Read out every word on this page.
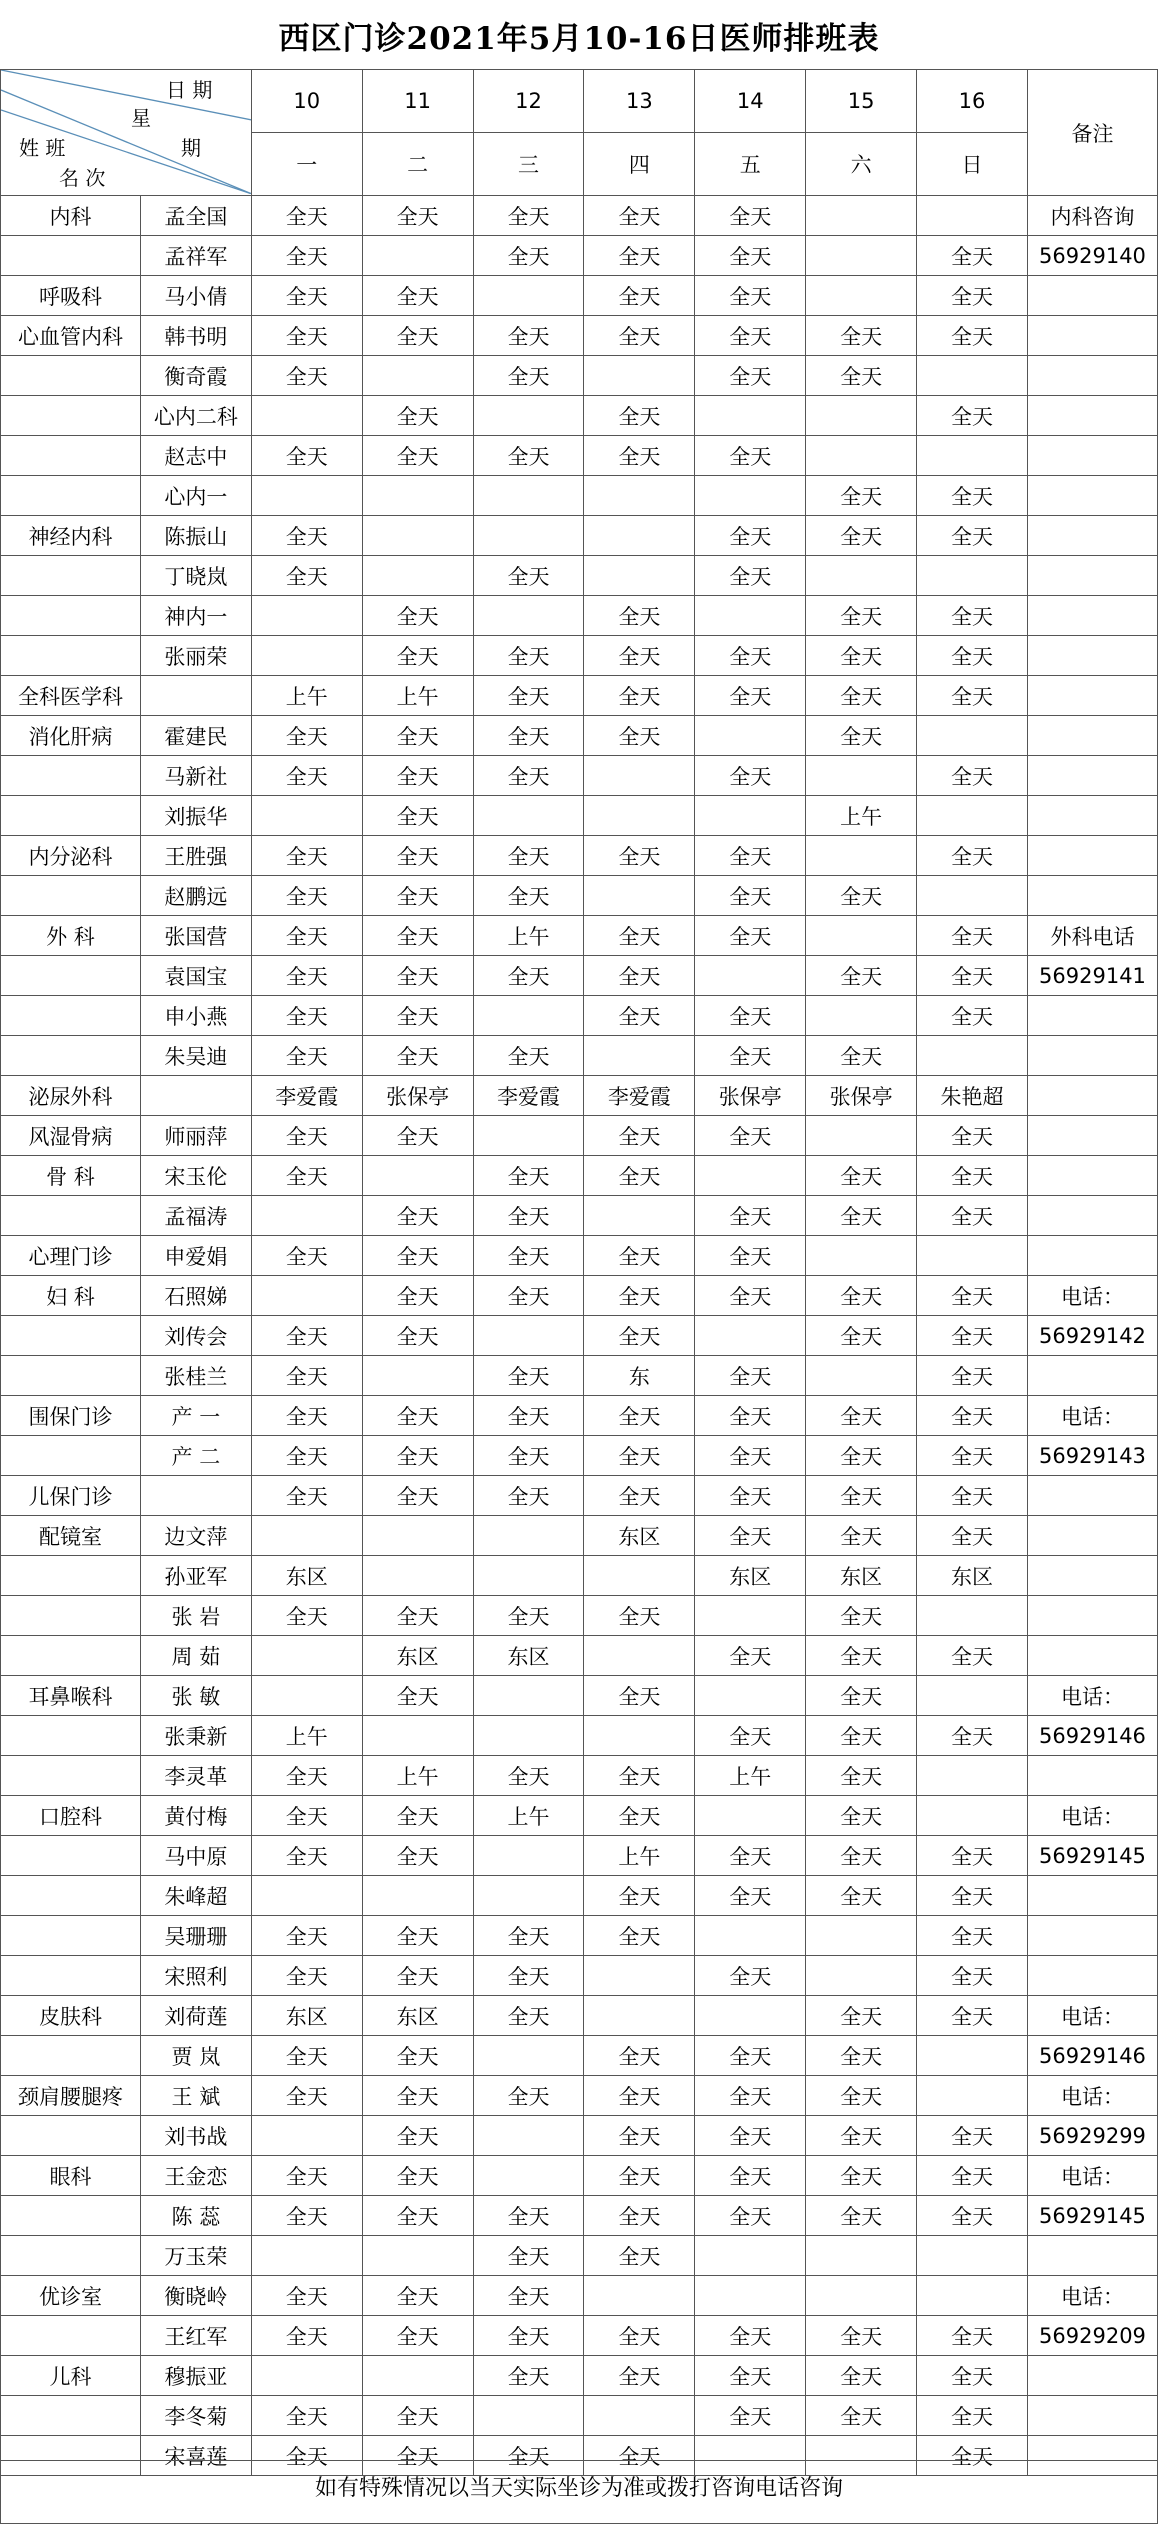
西区门诊2021年5月10-16日医师排班表
日 期
星
期
姓 班
名 次		10	11	12	13	14	15	16	备注
		一	二	三	四	五	六	日	
内科	孟全国	全天	全天	全天	全天	全天			内科咨询
	孟祥军	全天		全天	全天	全天		全天	56929140
呼吸科	马小倩	全天	全天		全天	全天		全天	
心血管内科	韩书明	全天	全天	全天	全天	全天	全天	全天	
	衡奇霞	全天		全天		全天	全天		
	心内二科		全天		全天			全天	
	赵志中	全天	全天	全天	全天	全天			
	心内一						全天	全天	
神经内科	陈振山	全天				全天	全天	全天	
	丁晓岚	全天		全天		全天			
	神内一		全天		全天		全天	全天	
	张丽荣		全天	全天	全天	全天	全天	全天	
全科医学科		上午	上午	全天	全天	全天	全天	全天	
消化肝病	霍建民	全天	全天	全天	全天		全天		
	马新社	全天	全天	全天		全天		全天	
	刘振华		全天				上午		
内分泌科	王胜强	全天	全天	全天	全天	全天		全天	
	赵鹏远	全天	全天	全天		全天	全天		
外 科	张国营	全天	全天	上午	全天	全天		全天	外科电话
	袁国宝	全天	全天	全天	全天		全天	全天	56929141
	申小燕	全天	全天		全天	全天		全天	
	朱吴迪	全天	全天	全天		全天	全天		
泌尿外科		李爱霞	张保亭	李爱霞	李爱霞	张保亭	张保亭	朱艳超	
风湿骨病	师丽萍	全天	全天		全天	全天		全天	
骨 科	宋玉伦	全天		全天	全天		全天	全天	
	孟福涛		全天	全天		全天	全天	全天	
心理门诊	申爱娟	全天	全天	全天	全天	全天			
妇 科	石照娣		全天	全天	全天	全天	全天	全天	电话：
	刘传会	全天	全天		全天		全天	全天	56929142
	张桂兰	全天		全天	东	全天		全天	
围保门诊	产 一	全天	全天	全天	全天	全天	全天	全天	电话：
	产 二	全天	全天	全天	全天	全天	全天	全天	56929143
儿保门诊		全天	全天	全天	全天	全天	全天	全天	
配镜室	边文萍				东区	全天	全天	全天	
	孙亚军	东区				东区	东区	东区	
	张 岩	全天	全天	全天	全天		全天		
	周 茹		东区	东区		全天	全天	全天	
耳鼻喉科	张 敏		全天		全天		全天		电话：
	张秉新	上午				全天	全天	全天	56929146
	李灵革	全天	上午	全天	全天	上午	全天		
口腔科	黄付梅	全天	全天	上午	全天		全天		电话：
	马中原	全天	全天		上午	全天	全天	全天	56929145
	朱峰超				全天	全天	全天	全天	
	吴珊珊	全天	全天	全天	全天			全天	
	宋照利	全天	全天	全天		全天		全天	
皮肤科	刘荷莲	东区	东区	全天			全天	全天	电话：
	贾 岚	全天	全天		全天	全天	全天		56929146
颈肩腰腿疼	王 斌	全天	全天	全天	全天	全天	全天		电话：
	刘书战		全天		全天	全天	全天	全天	56929299
眼科	王金恋	全天	全天		全天	全天	全天	全天	电话：
	陈 蕊	全天	全天	全天	全天	全天	全天	全天	56929145
	万玉荣			全天	全天				
优诊室	衡晓岭	全天	全天	全天					电话：
	王红军	全天	全天	全天	全天	全天	全天	全天	56929209
儿科	穆振亚			全天	全天	全天	全天	全天	
	李冬菊	全天	全天			全天	全天	全天	
	宋喜莲	全天	全天	全天	全天			全天	
如有特殊情况以当天实际坐诊为准或拨打咨询电话咨询
